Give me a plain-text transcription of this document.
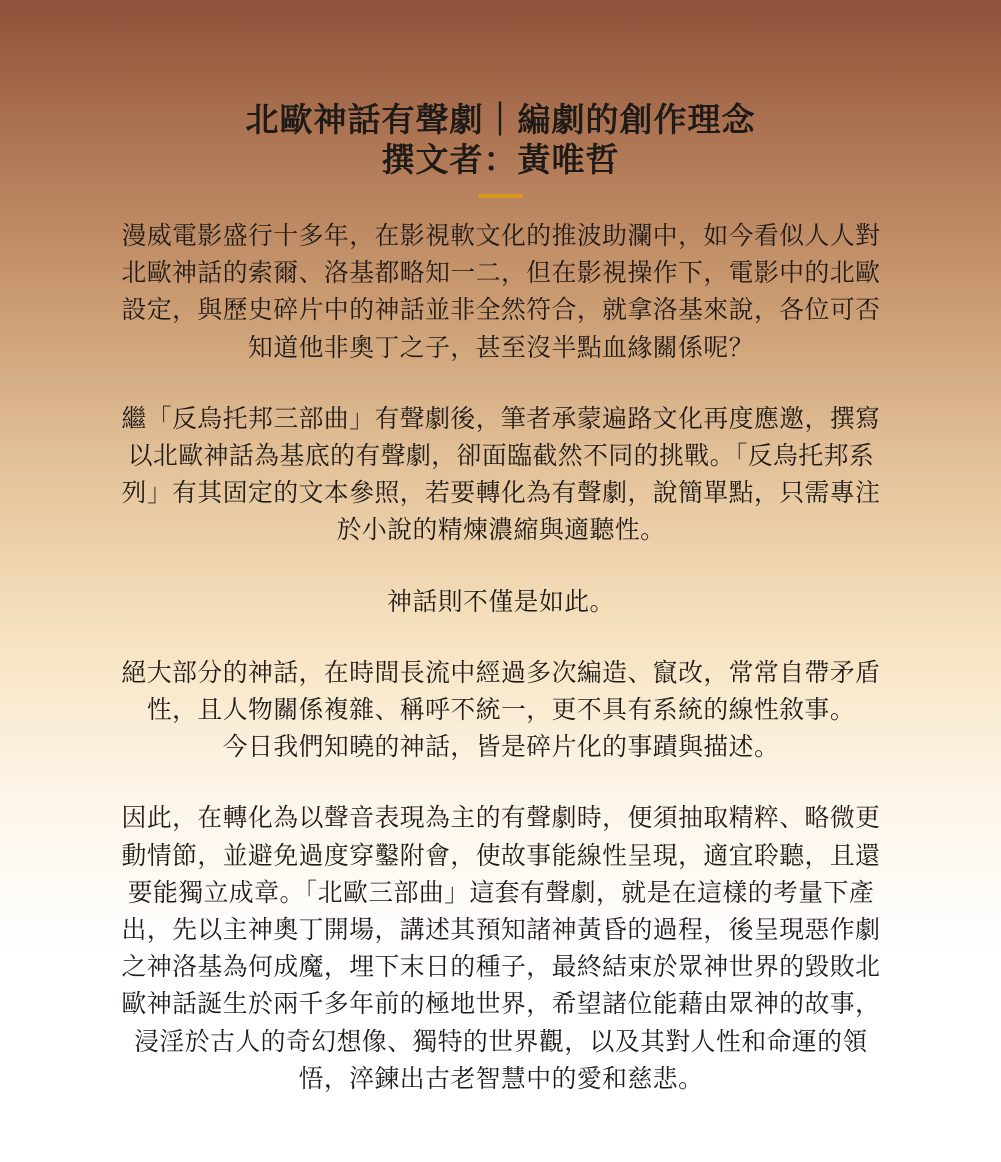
北歐神話有聲劇｜編劇的創作理念
撰文者：黃唯哲

漫威電影盛行十多年，在影視軟文化的推波助瀾中，如今看似人人對
北歐神話的索爾、洛基都略知一二，但在影視操作下，電影中的北歐
設定，與歷史碎片中的神話並非全然符合，就拿洛基來說，各位可否
知道他非奧丁之子，甚至沒半點血緣關係呢？

繼「反烏托邦三部曲」有聲劇後，筆者承蒙遍路文化再度應邀，撰寫
以北歐神話為基底的有聲劇，卻面臨截然不同的挑戰。「反烏托邦系
列」有其固定的文本參照，若要轉化為有聲劇，說簡單點，只需專注
於小說的精煉濃縮與適聽性。

神話則不僅是如此。

絕大部分的神話，在時間長流中經過多次編造、竄改，常常自帶矛盾
性，且人物關係複雜、稱呼不統一，更不具有系統的線性敘事。
今日我們知曉的神話，皆是碎片化的事蹟與描述。

因此，在轉化為以聲音表現為主的有聲劇時，便須抽取精粹、略微更
動情節，並避免過度穿鑿附會，使故事能線性呈現，適宜聆聽，且還
要能獨立成章。「北歐三部曲」這套有聲劇，就是在這樣的考量下產
出，先以主神奧丁開場，講述其預知諸神黃昏的過程，後呈現惡作劇
之神洛基為何成魔，埋下末日的種子，最終結束於眾神世界的毀敗北
歐神話誕生於兩千多年前的極地世界，希望諸位能藉由眾神的故事，
浸淫於古人的奇幻想像、獨特的世界觀，以及其對人性和命運的領
悟，淬鍊出古老智慧中的愛和慈悲。
